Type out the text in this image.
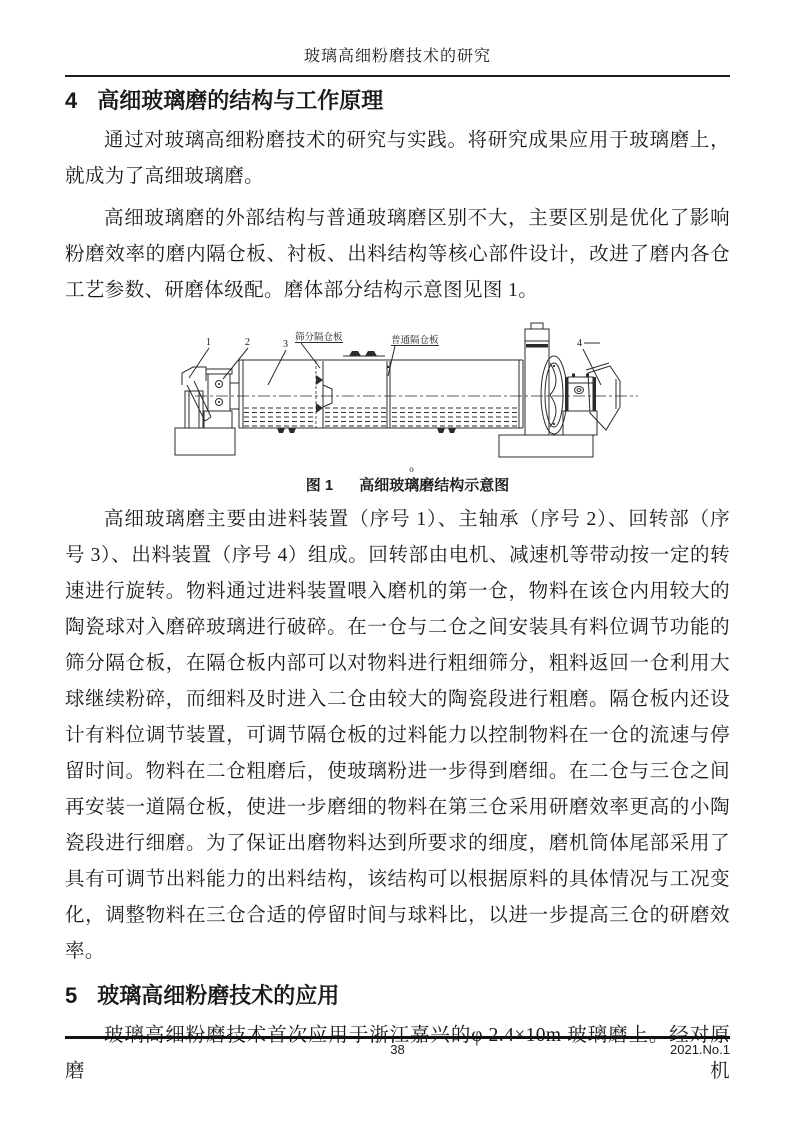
玻璃高细粉磨技术的研究
4 高细玻璃磨的结构与工作原理

通过对玻璃高细粉磨技术的研究与实践。将研究成果应用于玻璃磨上，就成为了高细玻璃磨。

高细玻璃磨的外部结构与普通玻璃磨区别不大，主要区别是优化了影响粉磨效率的磨内隔仓板、衬板、出料结构等核心部件设计，改进了磨内各仓工艺参数、研磨体级配。磨体部分结构示意图见图 1。

1	2	3
筛分隔仓板	普通隔仓板	4
o
图 1 高细玻璃磨结构示意图

高细玻璃磨主要由进料装置（序号 1）、主轴承（序号 2）、回转部（序号 3）、出料装置（序号 4）组成。回转部由电机、减速机等带动按一定的转速进行旋转。物料通过进料装置喂入磨机的第一仓，物料在该仓内用较大的陶瓷球对入磨碎玻璃进行破碎。在一仓与二仓之间安装具有料位调节功能的筛分隔仓板，在隔仓板内部可以对物料进行粗细筛分，粗料返回一仓利用大球继续粉碎，而细料及时进入二仓由较大的陶瓷段进行粗磨。隔仓板内还设计有料位调节装置，可调节隔仓板的过料能力以控制物料在一仓的流速与停留时间。物料在二仓粗磨后，使玻璃粉进一步得到磨细。在二仓与三仓之间再安装一道隔仓板，使进一步磨细的物料在第三仓采用研磨效率更高的小陶瓷段进行细磨。为了保证出磨物料达到所要求的细度，磨机筒体尾部采用了具有可调节出料能力的出料结构，该结构可以根据原料的具体情况与工况变化，调整物料在三仓合适的停留时间与球料比，以进一步提高三仓的研磨效率。

5 玻璃高细粉磨技术的应用

玻璃高细粉磨技术首次应用于浙江嘉兴的φ 2.4×10m 玻璃磨上。经对原磨机

38	2021.No.1
